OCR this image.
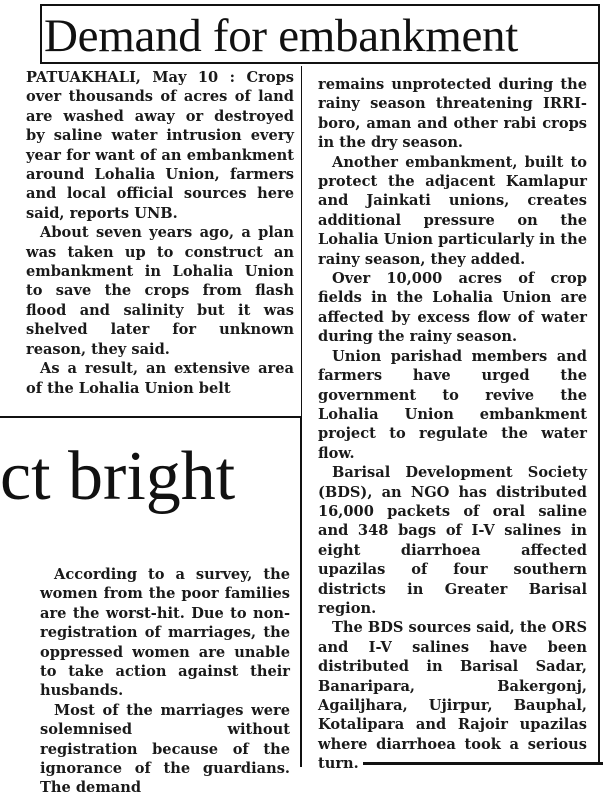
Demand for embankment

PATUAKHALI, May 10 : Crops over thousands of acres of land are washed away or destroyed by saline water intrusion every year for want of an embankment around Lohalia Union, farmers and local official sources here said, reports UNB.

About seven years ago, a plan was taken up to construct an embankment in Lohalia Union to save the crops from flash flood and salinity but it was shelved later for unknown reason, they said.

As a result, an extensive area of the Lohalia Union belt

remains unprotected during the rainy season threatening IRRI-boro, aman and other rabi crops in the dry season.

Another embankment, built to protect the adjacent Kamlapur and Jainkati unions, creates additional pressure on the Lohalia Union particularly in the rainy season, they added.

Over 10,000 acres of crop fields in the Lohalia Union are affected by excess flow of water during the rainy season.

Union parishad members and farmers have urged the government to revive the Lohalia Union embankment project to regulate the water flow.

Barisal Development Society (BDS), an NGO has distributed 16,000 packets of oral saline and 348 bags of I-V salines in eight diarrhoea affected upazilas of four southern districts in Greater Barisal region.

The BDS sources said, the ORS and I-V salines have been distributed in Barisal Sadar, Banaripara, Bakergonj, Agailjhara, Ujirpur, Bauphal, Kotalipara and Rajoir upazilas where diarrhoea took a serious turn.

ct bright

According to a survey, the women from the poor families are the worst-hit. Due to non-registration of marriages, the oppressed women are unable to take action against their husbands.

Most of the marriages were solemnised without registration because of the ignorance of the guardians. The demand
